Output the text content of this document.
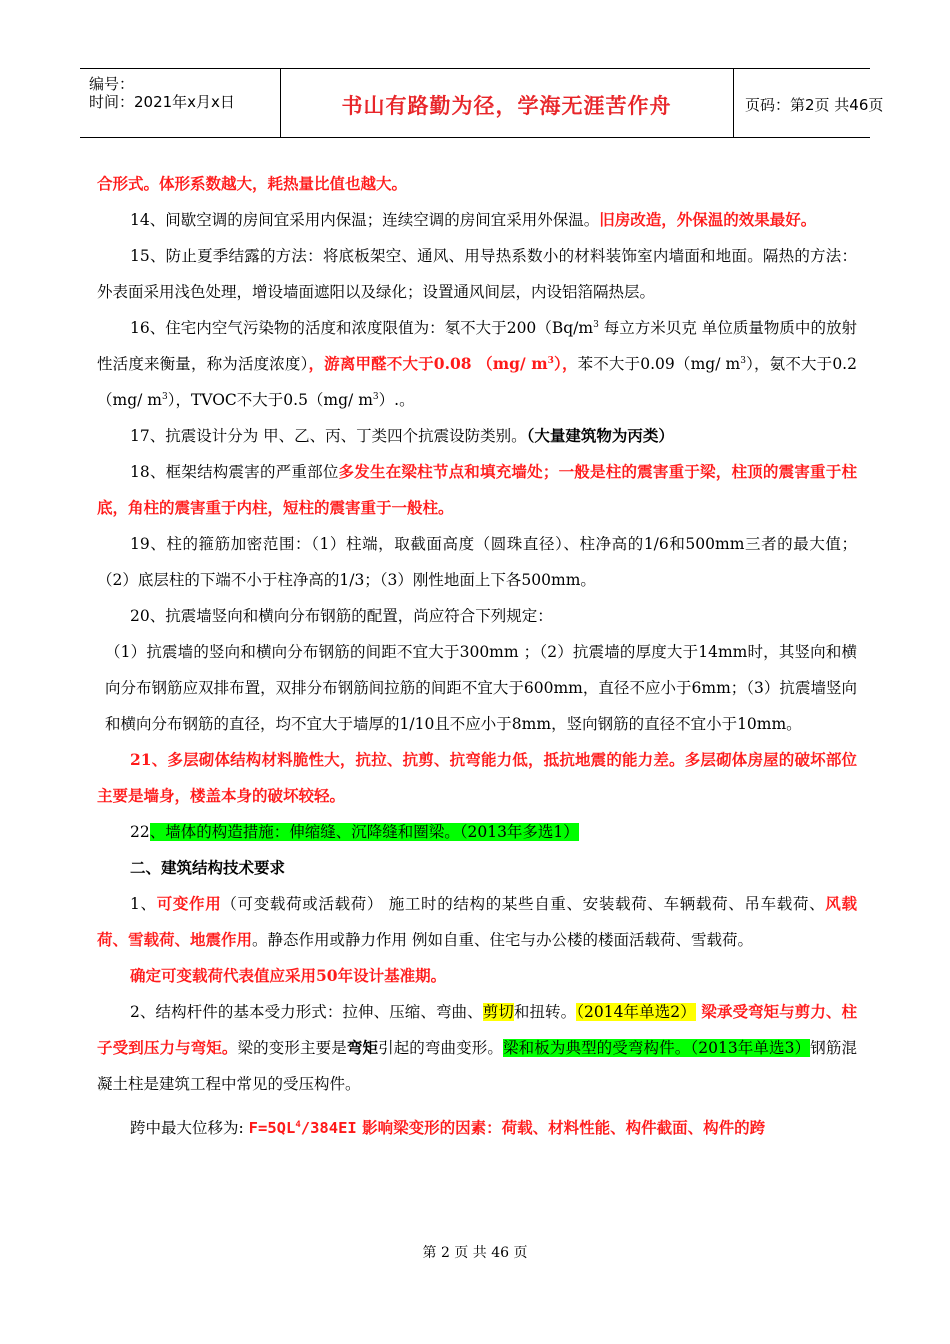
编号：
时间：2021年x月x日	书山有路勤为径，学海无涯苦作舟	页码：第2页 共46页

合形式。体形系数越大，耗热量比值也越大。

14、间歇空调的房间宜采用内保温；连续空调的房间宜采用外保温。旧房改造，外保温的效果最好。

15、防止夏季结露的方法：将底板架空、通风、用导热系数小的材料装饰室内墙面和地面。隔热的方法：外表面采用浅色处理，增设墙面遮阳以及绿化；设置通风间层，内设铝箔隔热层。

16、住宅内空气污染物的活度和浓度限值为：氡不大于$200(Bq/m^3$ 每立方米贝克 单位质量物质中的放射性活度来衡量，称为活度浓度），游离甲醛不大于0.08 （mg/ $m^3$），苯不大于0.09（mg/ $m^3$），氨不大于0.2（mg/ $m^3$），TVOC不大于0.5（mg/ $m^3$）.。

17、抗震设计分为 甲、乙、丙、丁类四个抗震设防类别。（大量建筑物为丙类）

18、框架结构震害的严重部位多发生在梁柱节点和填充墙处；一般是柱的震害重于梁，柱顶的震害重于柱底，角柱的震害重于内柱，短柱的震害重于一般柱。

19、柱的箍筋加密范围：（1）柱端，取截面高度（圆珠直径）、柱净高的1/6和500mm三者的最大值；（2）底层柱的下端不小于柱净高的1/3；（3）刚性地面上下各500mm。

20、抗震墙竖向和横向分布钢筋的配置，尚应符合下列规定：

（1）抗震墙的竖向和横向分布钢筋的间距不宜大于300mm ；（2）抗震墙的厚度大于14mm时，其竖向和横向分布钢筋应双排布置，双排分布钢筋间拉筋的间距不宜大于600mm，直径不应小于6mm；（3）抗震墙竖向和横向分布钢筋的直径，均不宜大于墙厚的1/10且不应小于8mm，竖向钢筋的直径不宜小于10mm。

21、多层砌体结构材料脆性大，抗拉、抗剪、抗弯能力低，抵抗地震的能力差。多层砌体房屋的破坏部位主要是墙身，楼盖本身的破坏较轻。

22、墙体的构造措施：伸缩缝、沉降缝和圈梁。（2013年多选1）

二、建筑结构技术要求

1、可变作用（可变载荷或活载荷） 施工时的结构的某些自重、安装载荷、车辆载荷、吊车载荷、风载荷、雪载荷、地震作用。静态作用或静力作用 例如自重、住宅与办公楼的楼面活载荷、雪载荷。

确定可变载荷代表值应采用50年设计基准期。

2、结构杆件的基本受力形式：拉伸、压缩、弯曲、剪切和扭转。（2014年单选2） 梁承受弯矩与剪力、柱子受到压力与弯矩。梁的变形主要是弯矩引起的弯曲变形。梁和板为典型的受弯构件。（2013年单选3）钢筋混凝土柱是建筑工程中常见的受压构件。

跨中最大位移为: $F=5QL^4/384EI$ 影响梁变形的因素：荷载、材料性能、构件截面、构件的跨

第 2 页 共 46 页
